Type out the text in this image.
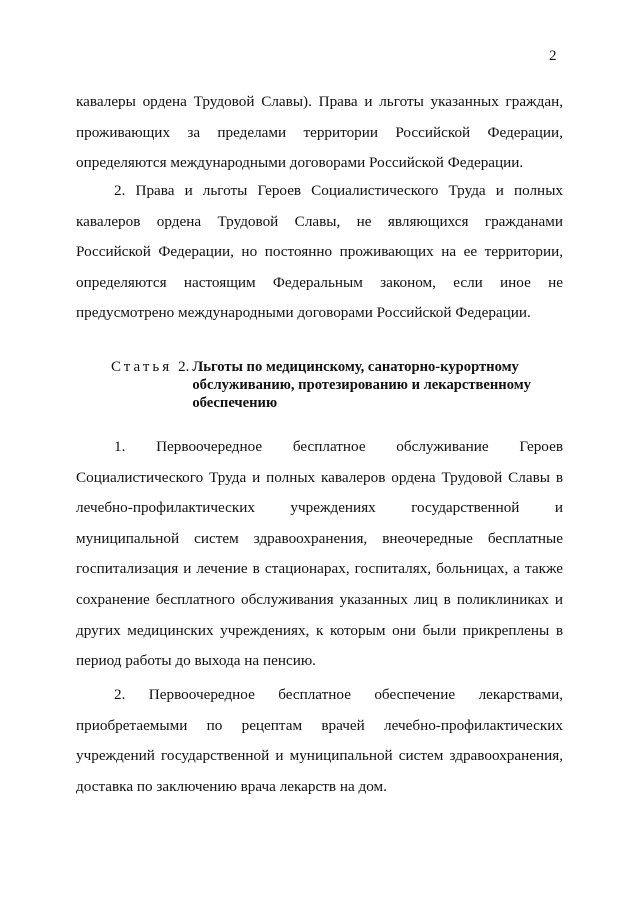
2

кавалеры ордена Трудовой Славы). Права и льготы указанных граждан, проживающих за пределами территории Российской Федерации, определяются международными договорами Российской Федерации.

2. Права и льготы Героев Социалистического Труда и полных кавалеров ордена Трудовой Славы, не являющихся гражданами Российской Федерации, но постоянно проживающих на ее территории, определяются настоящим Федеральным законом, если иное не предусмотрено международными договорами Российской Федерации.

Статья 2. Льготы по медицинскому, санаторно-курортному
обслуживанию, протезированию и лекарственному
обеспечению

1. Первоочередное бесплатное обслуживание Героев Социалистического Труда и полных кавалеров ордена Трудовой Славы в лечебно-профилактических учреждениях государственной и муниципальной систем здравоохранения, внеочередные бесплатные госпитализация и лечение в стационарах, госпиталях, больницах, а также сохранение бесплатного обслуживания указанных лиц в поликлиниках и других медицинских учреждениях, к которым они были прикреплены в период работы до выхода на пенсию.

2. Первоочередное бесплатное обеспечение лекарствами, приобретаемыми по рецептам врачей лечебно-профилактических учреждений государственной и муниципальной систем здравоохранения, доставка по заключению врача лекарств на дом.
